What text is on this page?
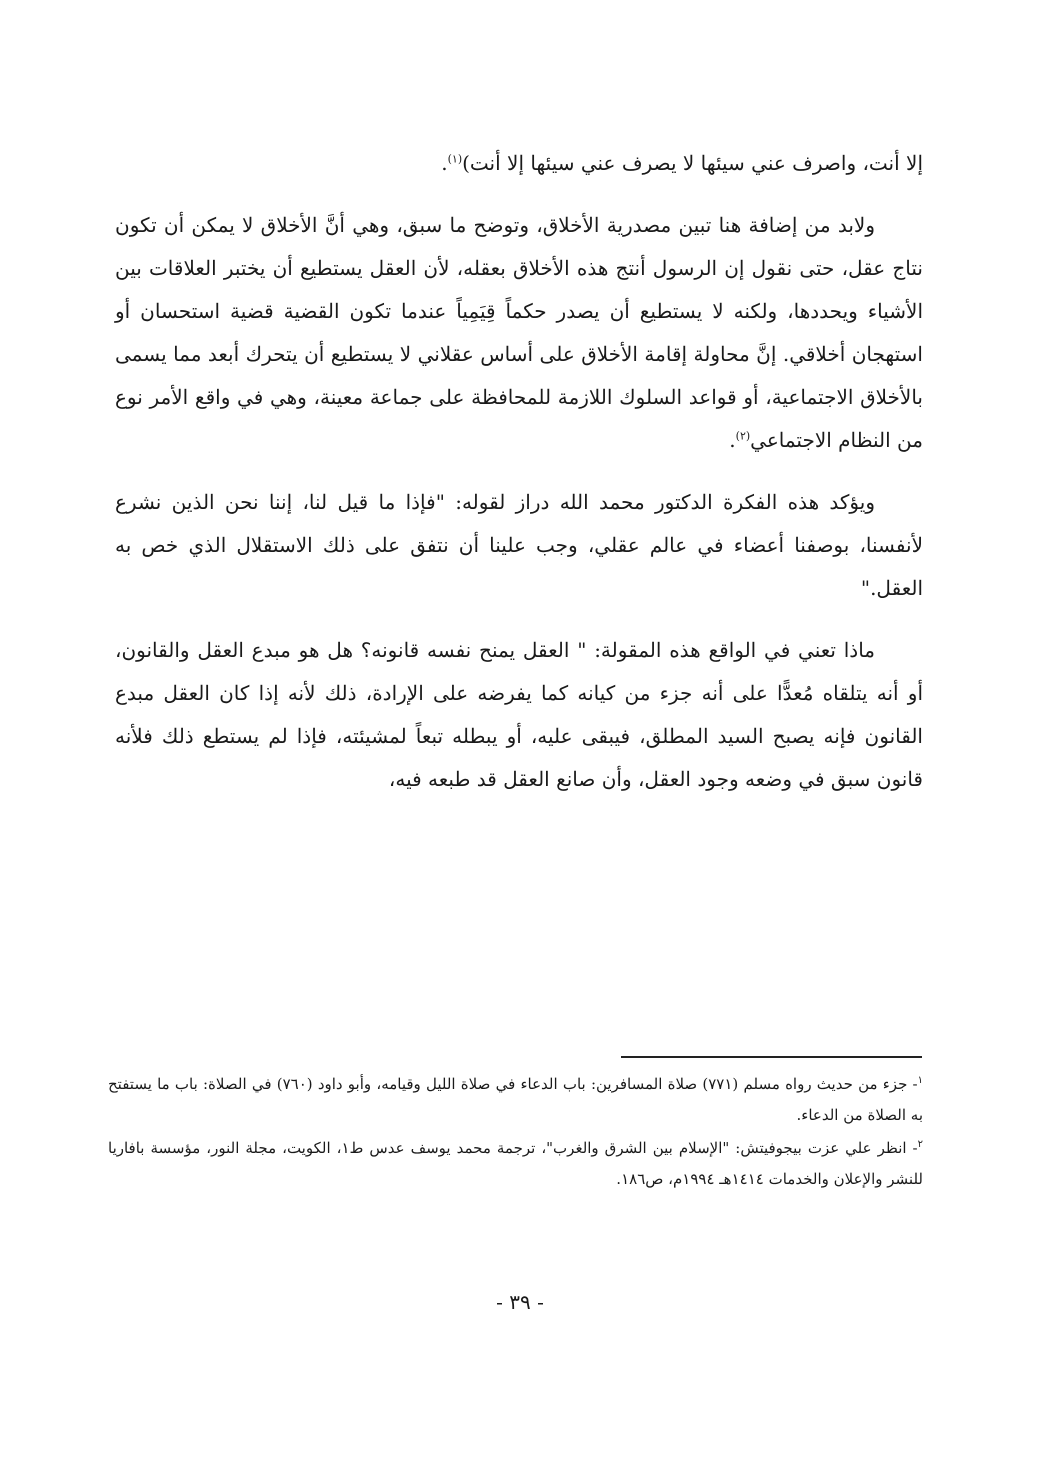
إلا أنت، واصرف عني سيئها لا يصرف عني سيئها إلا أنت)$^{(١)}$.

ولابد من إضافة هنا تبين مصدرية الأخلاق، وتوضح ما سبق، وهي أنَّ الأخلاق لا يمكن أن تكون نتاج عقل، حتى نقول إن الرسول أنتج هذه الأخلاق بعقله، لأن العقل يستطيع أن يختبر العلاقات بين الأشياء ويحددها، ولكنه لا يستطيع أن يصدر حكماً قِيَمِياً عندما تكون القضية قضية استحسان أو استهجان أخلاقي. إنَّ محاولة إقامة الأخلاق على أساس عقلاني لا يستطيع أن يتحرك أبعد مما يسمى بالأخلاق الاجتماعية، أو قواعد السلوك اللازمة للمحافظة على جماعة معينة، وهي في واقع الأمر نوع من النظام الاجتماعي$^{(٢)}$.

ويؤكد هذه الفكرة الدكتور محمد الله دراز لقوله: "فإذا ما قيل لنا، إننا نحن الذين نشرع لأنفسنا، بوصفنا أعضاء في عالم عقلي، وجب علينا أن نتفق على ذلك الاستقلال الذي خص به العقل."

ماذا تعني في الواقع هذه المقولة: " العقل يمنح نفسه قانونه؟ هل هو مبدع العقل والقانون، أو أنه يتلقاه مُعدًّا على أنه جزء من كيانه كما يفرضه على الإرادة، ذلك لأنه إذا كان العقل مبدع القانون فإنه يصبح السيد المطلق، فيبقى عليه، أو يبطله تبعاً لمشيئته، فإذا لم يستطع ذلك فلأنه قانون سبق في وضعه وجود العقل، وأن صانع العقل قد طبعه فيه،

$^١$- جزء من حديث رواه مسلم (٧٧١) صلاة المسافرين: باب الدعاء في صلاة الليل وقيامه، وأبو داود (٧٦٠) في الصلاة: باب ما يستفتح به الصلاة من الدعاء.
$^٢$- انظر علي عزت بيجوفيتش: "الإسلام بين الشرق والغرب"، ترجمة محمد يوسف عدس ط١، الكويت، مجلة النور، مؤسسة بافاريا للنشر والإعلان والخدمات ١٤١٤هـ ١٩٩٤م، ص١٨٦.
- ٣٩ -
